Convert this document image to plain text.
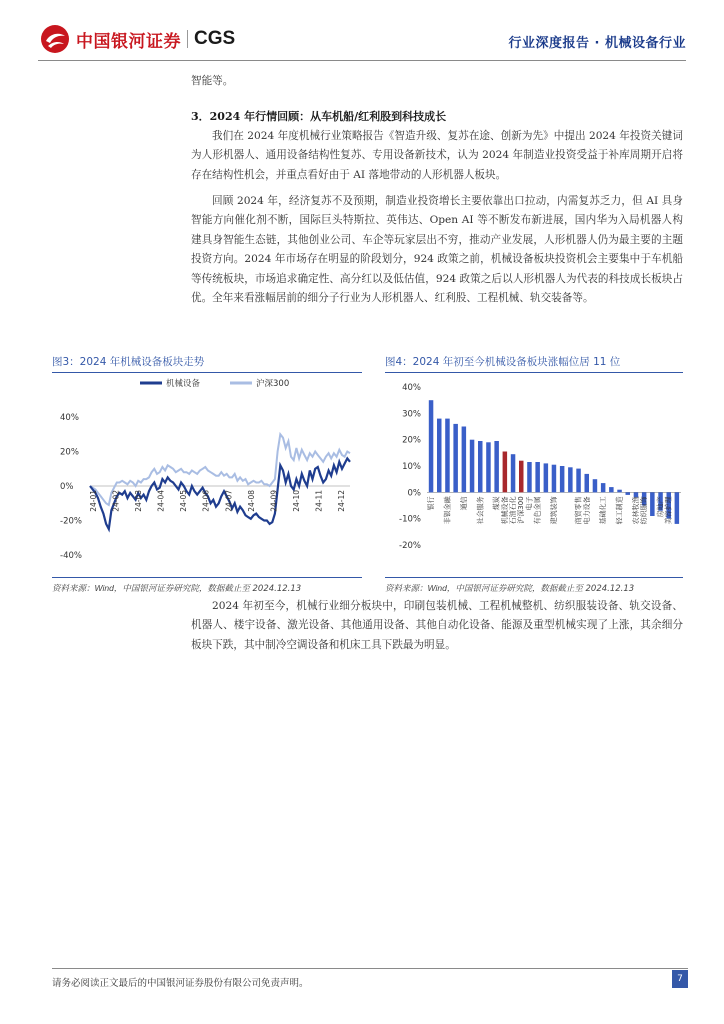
中国银河证券 CGS	行业深度报告 · 机械设备行业

智能等。

3．2024 年行情回顾：从车机船/红利股到科技成长

我们在 2024 年度机械行业策略报告《智造升级、复苏在途、创新为先》中提出 2024 年投资关键词为人形机器人、通用设备结构性复苏、专用设备新技术，认为 2024 年制造业投资受益于补库周期开启将存在结构性机会，并重点看好由于 AI 落地带动的人形机器人板块。

回顾 2024 年，经济复苏不及预期，制造业投资增长主要依靠出口拉动，内需复苏乏力，但 AI 具身智能方向催化剂不断，国际巨头特斯拉、英伟达、Open AI 等不断发布新进展，国内华为入局机器人构建具身智能生态链，其他创业公司、车企等玩家层出不穷，推动产业发展，人形机器人仍为最主要的主题投资方向。2024 年市场存在明显的阶段划分，924 政策之前，机械设备板块投资机会主要集中于车机船等传统板块，市场追求确定性、高分红以及低估值，924 政策之后以人形机器人为代表的科技成长板块占优。全年来看涨幅居前的细分子行业为人形机器人、红利股、工程机械、轨交装备等。

图3：2024 年机械设备板块走势
40%
20%
0%
-20%
-40%
24-01 24-02 24-03 24-04 24-05 24-06 24-07 24-08 24-09 24-10 24-11 24-12
机械设备	沪深300
资料来源：Wind，中国银河证券研究院，数据截止至 2024.12.13
图4：2024 年初至今机械设备板块涨幅位居 11 位
40%
30%
20%
10%
0%
-10%
-20%
银行 非银金融 通信 社会服务 煤炭 机械设备 石油石化 沪深300 电子 有色金属 建筑装饰 商贸零售 电力设备 基础化工 轻工制造 农林牧渔 纺织服饰 房地产 美容护理
资料来源：Wind，中国银河证券研究院，数据截止至 2024.12.13

2024 年初至今，机械行业细分板块中，印刷包装机械、工程机械整机、纺织服装设备、轨交设备、机器人、楼宇设备、激光设备、其他通用设备、其他自动化设备、能源及重型机械实现了上涨，其余细分板块下跌，其中制冷空调设备和机床工具下跌最为明显。

请务必阅读正文最后的中国银河证券股份有限公司免责声明。	7
